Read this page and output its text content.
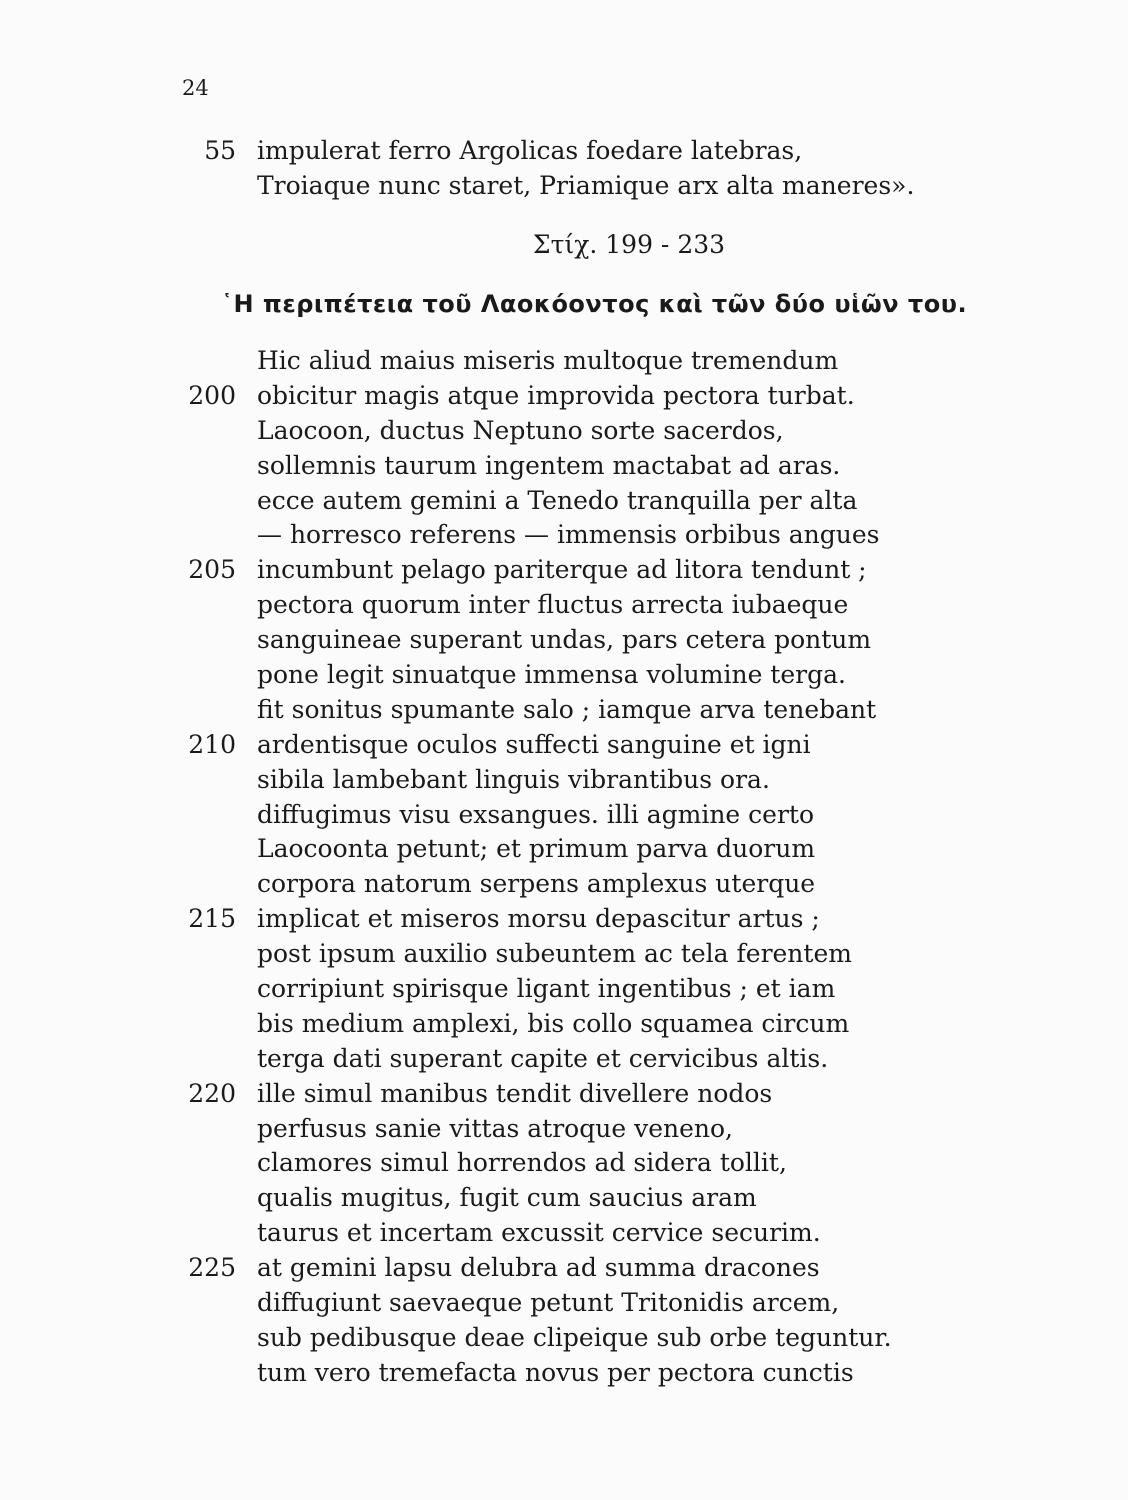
24
55 impulerat ferro Argolicas foedare latebras,
Troiaque nunc staret, Priamique arx alta maneres».
Στίχ. 199 - 233
῾Η περιπέτεια τοῦ Λαοκόοντος καὶ τῶν δύο υἱῶν του.
Hic aliud maius miseris multoque tremendum
200 obicitur magis atque improvida pectora turbat.
Laocoon, ductus Neptuno sorte sacerdos,
sollemnis taurum ingentem mactabat ad aras.
ecce autem gemini a Tenedo tranquilla per alta
— horresco referens — immensis orbibus angues
205 incumbunt pelago pariterque ad litora tendunt ;
pectora quorum inter fluctus arrecta iubaeque
sanguineae superant undas, pars cetera pontum
pone legit sinuatque immensa volumine terga.
fit sonitus spumante salo ; iamque arva tenebant
210 ardentisque oculos suffecti sanguine et igni
sibila lambebant linguis vibrantibus ora.
diffugimus visu exsangues. illi agmine certo
Laocoonta petunt; et primum parva duorum
corpora natorum serpens amplexus uterque
215 implicat et miseros morsu depascitur artus ;
post ipsum auxilio subeuntem ac tela ferentem
corripiunt spirisque ligant ingentibus ; et iam
bis medium amplexi, bis collo squamea circum
terga dati superant capite et cervicibus altis.
220 ille simul manibus tendit divellere nodos
perfusus sanie vittas atroque veneno,
clamores simul horrendos ad sidera tollit,
qualis mugitus, fugit cum saucius aram
taurus et incertam excussit cervice securim.
225 at gemini lapsu delubra ad summa dracones
diffugiunt saevaeque petunt Tritonidis arcem,
sub pedibusque deae clipeique sub orbe teguntur.
tum vero tremefacta novus per pectora cunctis
